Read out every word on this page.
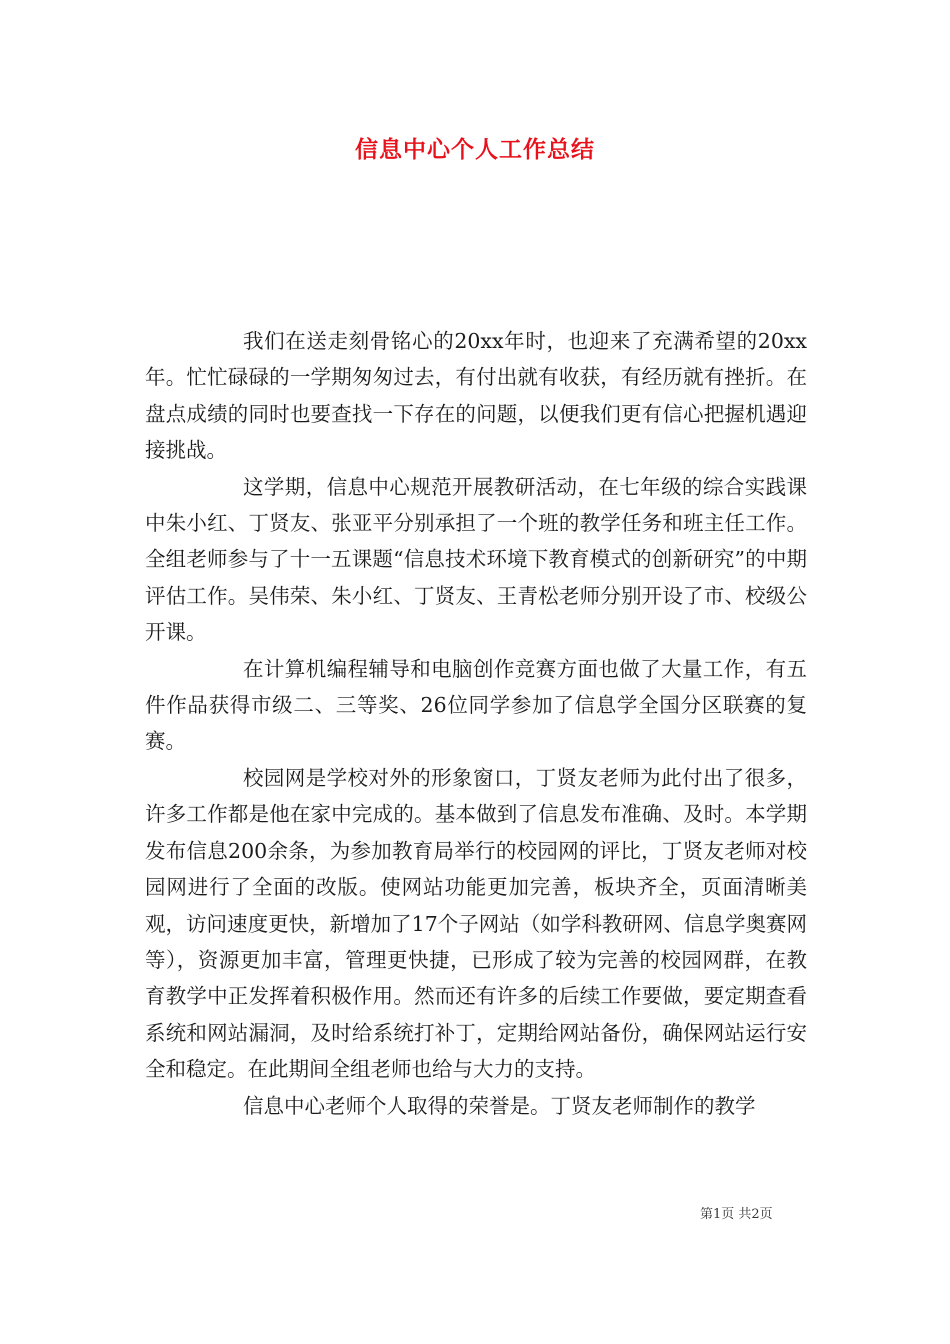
信息中心个人工作总结

我们在送走刻骨铭心的20xx年时，也迎来了充满希望的20xx年。忙忙碌碌的一学期匆匆过去，有付出就有收获，有经历就有挫折。在盘点成绩的同时也要查找一下存在的问题，以便我们更有信心把握机遇迎接挑战。

这学期，信息中心规范开展教研活动，在七年级的综合实践课中朱小红、丁贤友、张亚平分别承担了一个班的教学任务和班主任工作。全组老师参与了十一五课题“信息技术环境下教育模式的创新研究”的中期评估工作。吴伟荣、朱小红、丁贤友、王青松老师分别开设了市、校级公开课。

在计算机编程辅导和电脑创作竞赛方面也做了大量工作，有五件作品获得市级二、三等奖、26位同学参加了信息学全国分区联赛的复赛。

校园网是学校对外的形象窗口，丁贤友老师为此付出了很多，许多工作都是他在家中完成的。基本做到了信息发布准确、及时。本学期发布信息200余条，为参加教育局举行的校园网的评比，丁贤友老师对校园网进行了全面的改版。使网站功能更加完善，板块齐全，页面清晰美观，访问速度更快，新增加了17个子网站（如学科教研网、信息学奥赛网等），资源更加丰富，管理更快捷，已形成了较为完善的校园网群，在教育教学中正发挥着积极作用。然而还有许多的后续工作要做，要定期查看系统和网站漏洞，及时给系统打补丁，定期给网站备份，确保网站运行安全和稳定。在此期间全组老师也给与大力的支持。

信息中心老师个人取得的荣誉是。丁贤友老师制作的教学

第1页 共2页
